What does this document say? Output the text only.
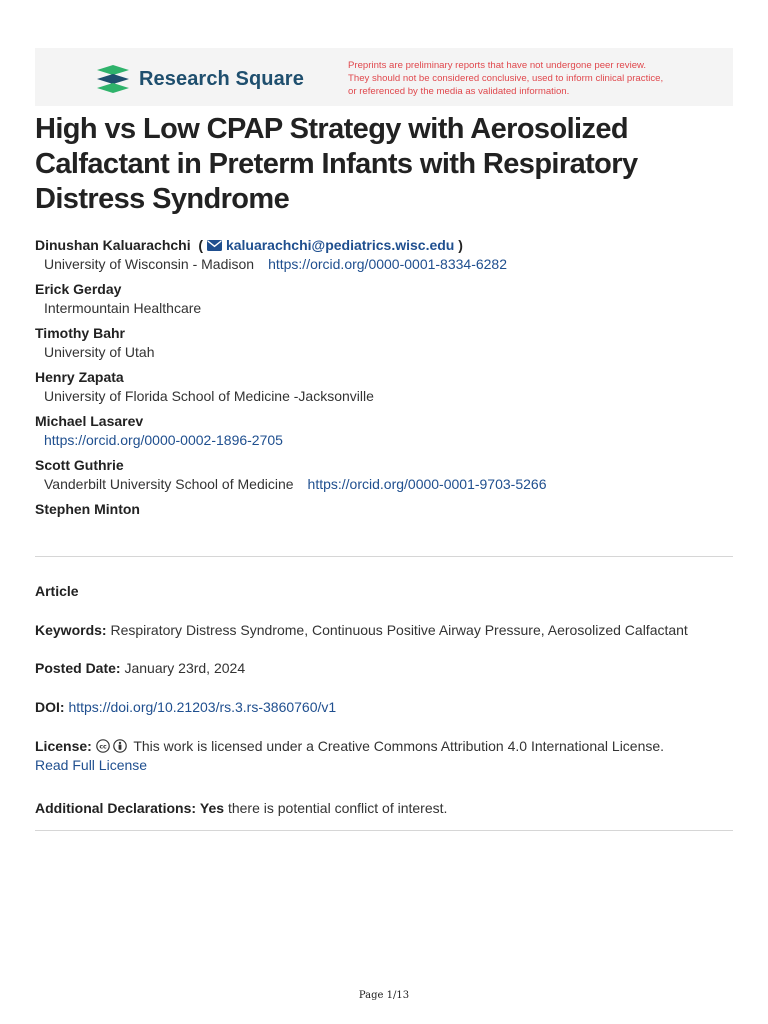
Research Square
Preprints are preliminary reports that have not undergone peer review.
They should not be considered conclusive, used to inform clinical practice,
or referenced by the media as validated information.
High vs Low CPAP Strategy with Aerosolized Calfactant in Preterm Infants with Respiratory Distress Syndrome
Dinushan Kaluarachchi  ( kaluarachchi@pediatrics.wisc.edu )
University of Wisconsin - Madison https://orcid.org/0000-0001-8334-6282
Erick Gerday
Intermountain Healthcare
Timothy Bahr
University of Utah
Henry Zapata
University of Florida School of Medicine -Jacksonville
Michael Lasarev
https://orcid.org/0000-0002-1896-2705
Scott Guthrie
Vanderbilt University School of Medicine https://orcid.org/0000-0001-9703-5266
Stephen Minton
Article
Keywords: Respiratory Distress Syndrome, Continuous Positive Airway Pressure, Aerosolized Calfactant
Posted Date: January 23rd, 2024
DOI: https://doi.org/10.21203/rs.3.rs-3860760/v1
License: cc This work is licensed under a Creative Commons Attribution 4.0 International License.
Read Full License
Additional Declarations: Yes there is potential conflict of interest.
Page 1/13
